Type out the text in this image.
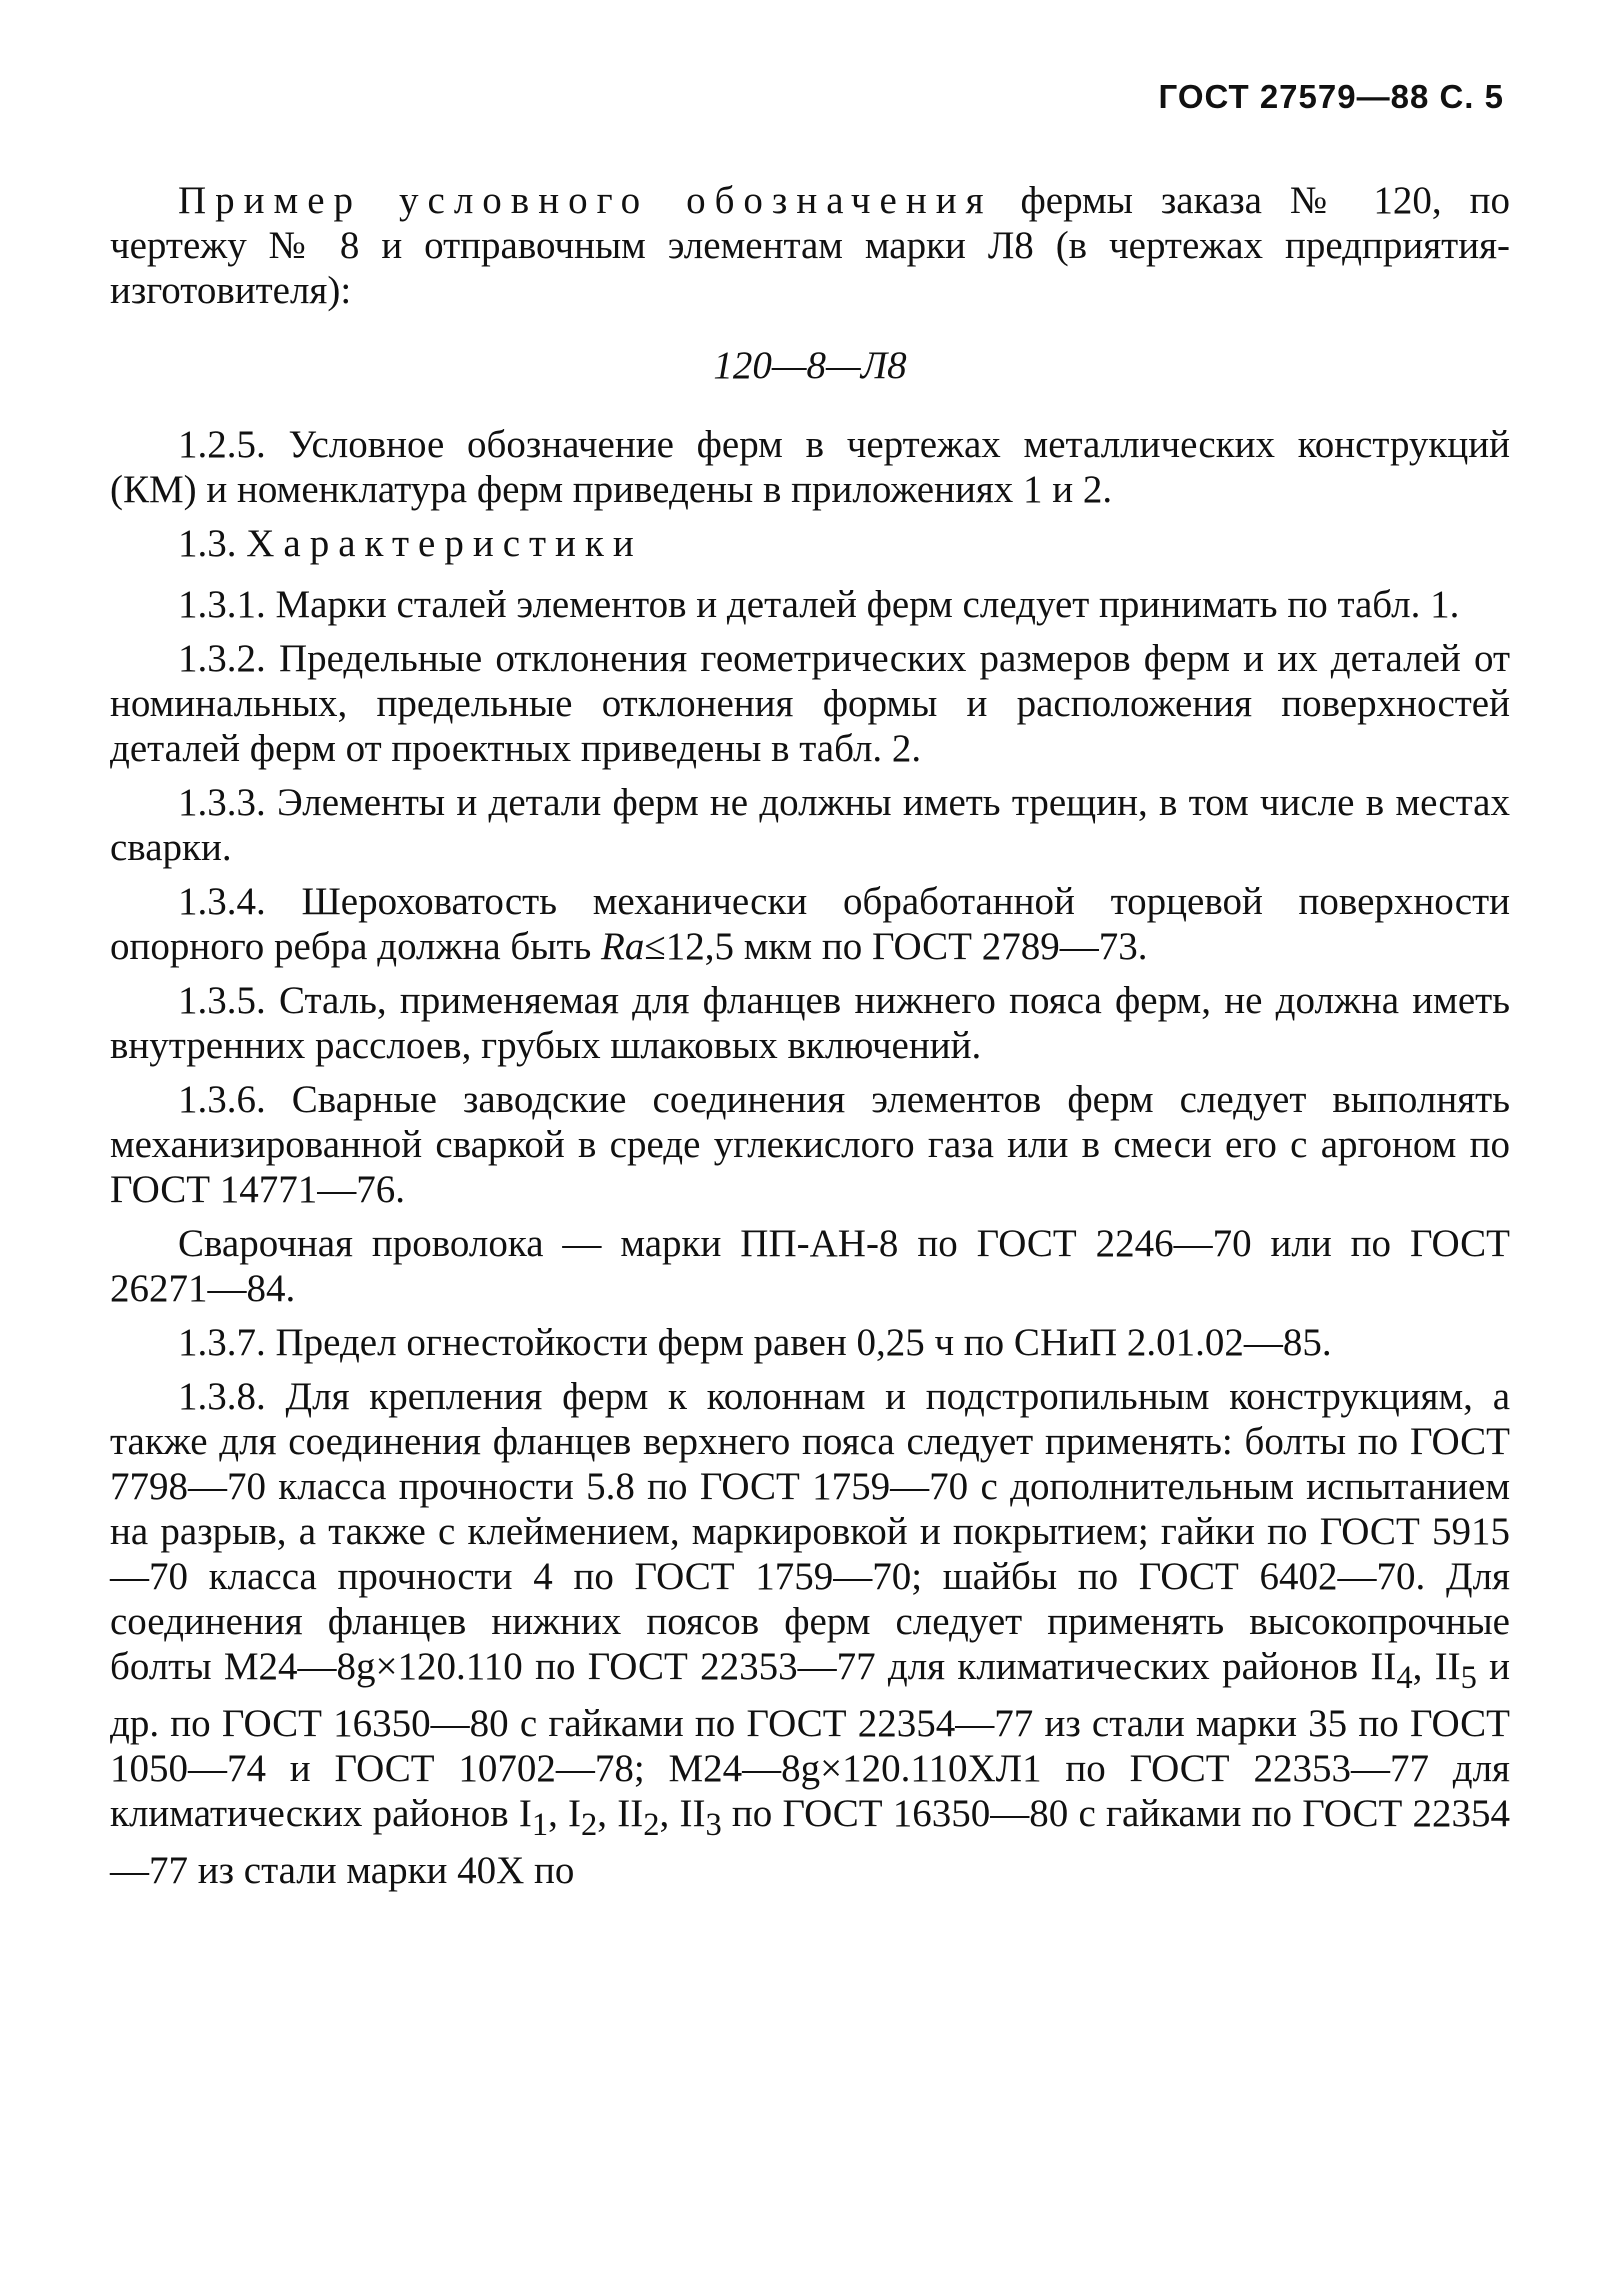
ГОСТ 27579—88 С. 5

Пример условного обозначения фермы заказа № 120, по чертежу № 8 и отправочным элементам марки Л8 (в чертежах предприятия-изготовителя):

120—8—Л8

1.2.5. Условное обозначение ферм в чертежах металлических конструкций (КМ) и номенклатура ферм приведены в приложениях 1 и 2.

1.3. Характеристики

1.3.1. Марки сталей элементов и деталей ферм следует принимать по табл. 1.

1.3.2. Предельные отклонения геометрических размеров ферм и их деталей от номинальных, предельные отклонения формы и расположения поверхностей деталей ферм от проектных приведены в табл. 2.

1.3.3. Элементы и детали ферм не должны иметь трещин, в том числе в местах сварки.

1.3.4. Шероховатость механически обработанной торцевой поверхности опорного ребра должна быть Ra≤12,5 мкм по ГОСТ 2789—73.

1.3.5. Сталь, применяемая для фланцев нижнего пояса ферм, не должна иметь внутренних расслоев, грубых шлаковых включений.

1.3.6. Сварные заводские соединения элементов ферм следует выполнять механизированной сваркой в среде углекислого газа или в смеси его с аргоном по ГОСТ 14771—76.

Сварочная проволока — марки ПП-АН-8 по ГОСТ 2246—70 или по ГОСТ 26271—84.

1.3.7. Предел огнестойкости ферм равен 0,25 ч по СНиП 2.01.02—85.

1.3.8. Для крепления ферм к колоннам и подстропильным конструкциям, а также для соединения фланцев верхнего пояса следует применять: болты по ГОСТ 7798—70 класса прочности 5.8 по ГОСТ 1759—70 с дополнительным испытанием на разрыв, а также с клеймением, маркировкой и покрытием; гайки по ГОСТ 5915—70 класса прочности 4 по ГОСТ 1759—70; шайбы по ГОСТ 6402—70. Для соединения фланцев нижних поясов ферм следует применять высокопрочные болты М24—8g×120.110 по ГОСТ 22353—77 для климатических районов $II_4$, $II_5$ и др. по ГОСТ 16350—80 с гайками по ГОСТ 22354—77 из стали марки 35 по ГОСТ 1050—74 и ГОСТ 10702—78; М24—8g×120.110ХЛ1 по ГОСТ 22353—77 для климатических районов $I_1$, $I_2$, $II_2$, $II_3$ по ГОСТ 16350—80 с гайками по ГОСТ 22354—77 из стали марки 40Х по
